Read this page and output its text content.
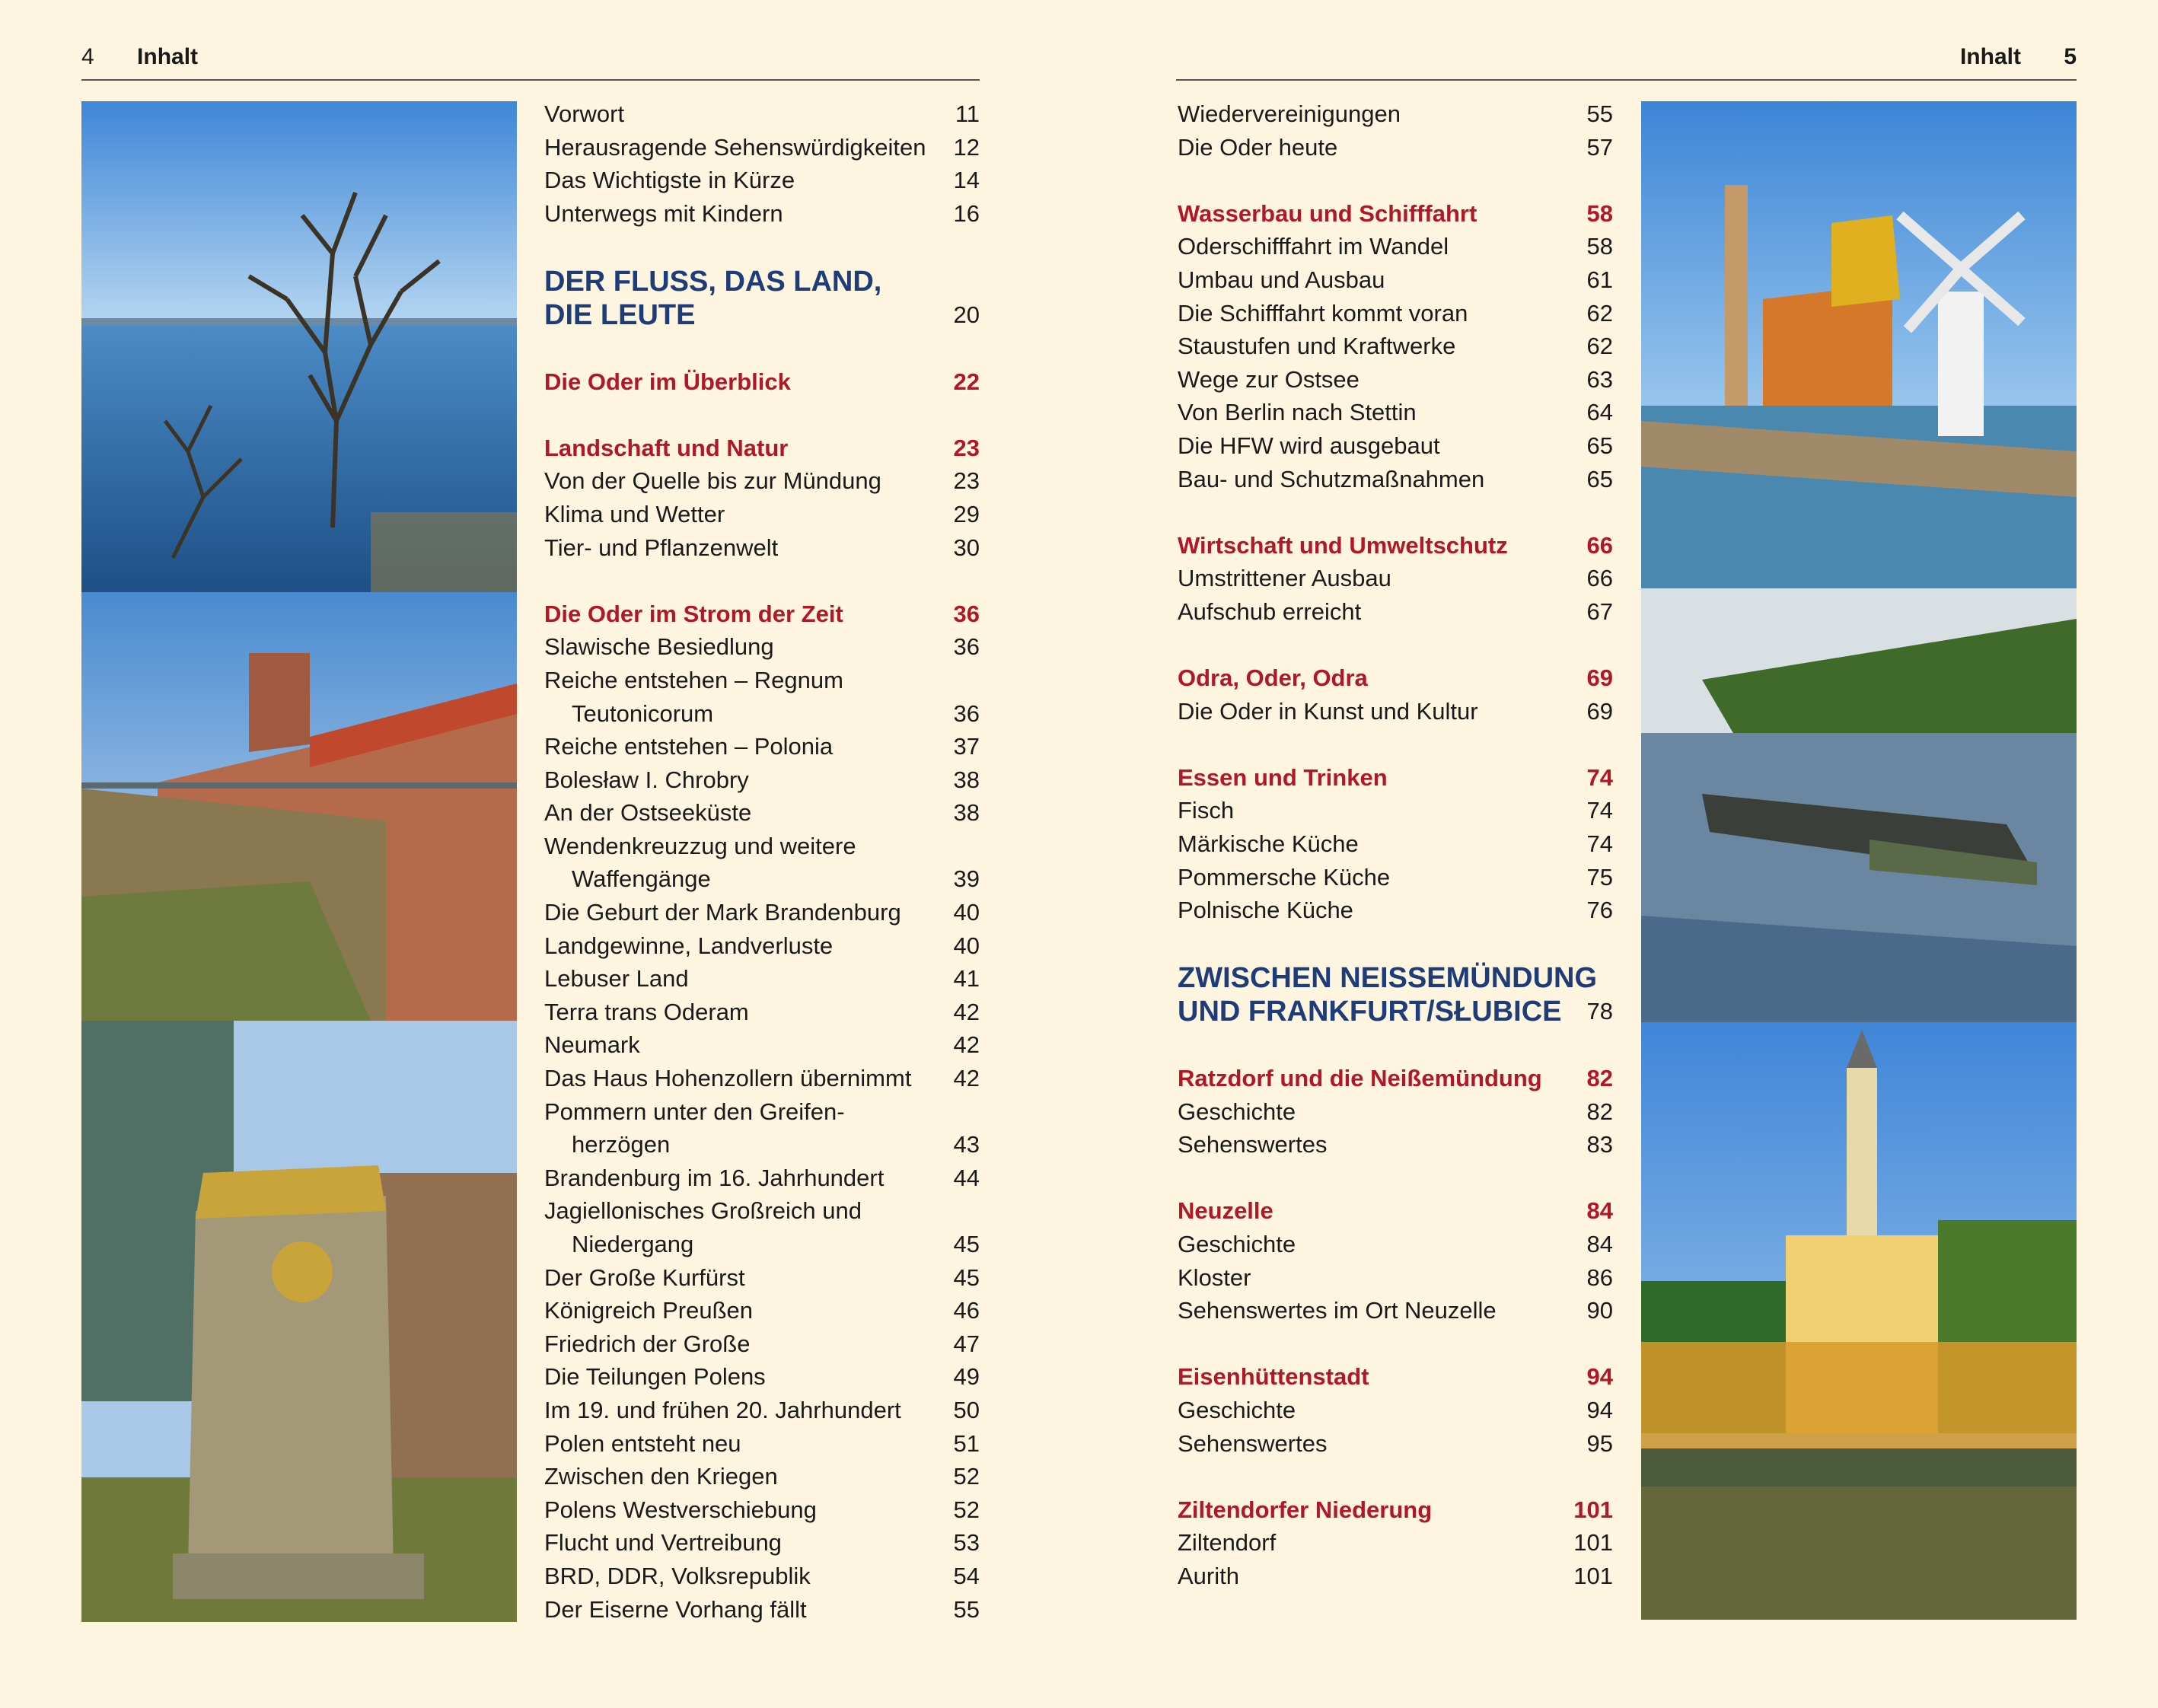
4 Inhalt	Inhalt 5
Vorwort	11
Herausragende Sehenswürdigkeiten 12
Das Wichtigste in Kürze	14
Unterwegs mit Kindern	16
DER FLUSS, DAS LAND,
DIE LEUTE	20
Die Oder im Überblick	22
Landschaft und Natur	23
Von der Quelle bis zur Mündung	23
Klima und Wetter	29
Tier- und Pflanzenwelt	30
Die Oder im Strom der Zeit	36
Slawische Besiedlung	36
Reiche entstehen – Regnum
Teutonicorum	36
Reiche entstehen – Polonia	37
Bolesław I. Chrobry	38
An der Ostseeküste	38
Wendenkreuzzug und weitere
Waffengänge	39
Die Geburt der Mark Brandenburg 40
Landgewinne, Landverluste	40
Lebuser Land	41
Terra trans Oderam	42
Neumark	42
Das Haus Hohenzollern übernimmt 42
Pommern unter den Greifen-
herzögen	43
Brandenburg im 16. Jahrhundert	44
Jagiellonisches Großreich und
Niedergang	45
Der Große Kurfürst	45
Königreich Preußen	46
Friedrich der Große	47
Die Teilungen Polens	49
Im 19. und frühen 20. Jahrhundert 50
Polen entsteht neu	51
Zwischen den Kriegen	52
Polens Westverschiebung	52
Flucht und Vertreibung	53
BRD, DDR, Volksrepublik	54
Der Eiserne Vorhang fällt	55
Wiedervereinigungen	55
Die Oder heute	57
Wasserbau und Schifffahrt	58
Oderschifffahrt im Wandel	58
Umbau und Ausbau	61
Die Schifffahrt kommt voran	62
Staustufen und Kraftwerke	62
Wege zur Ostsee	63
Von Berlin nach Stettin	64
Die HFW wird ausgebaut	65
Bau- und Schutzmaßnahmen	65
Wirtschaft und Umweltschutz	66
Umstrittener Ausbau	66
Aufschub erreicht	67
Odra, Oder, Odra	69
Die Oder in Kunst und Kultur	69
Essen und Trinken	74
Fisch	74
Märkische Küche	74
Pommersche Küche	75
Polnische Küche	76
ZWISCHEN NEISSEMÜNDUNG
UND FRANKFURT/SŁUBICE	78
Ratzdorf und die Neißemündung 82
Geschichte	82
Sehenswertes	83
Neuzelle	84
Geschichte	84
Kloster	86
Sehenswertes im Ort Neuzelle	90
Eisenhüttenstadt	94
Geschichte	94
Sehenswertes	95
Ziltendorfer Niederung	101
Ziltendorf	101
Aurith	101
